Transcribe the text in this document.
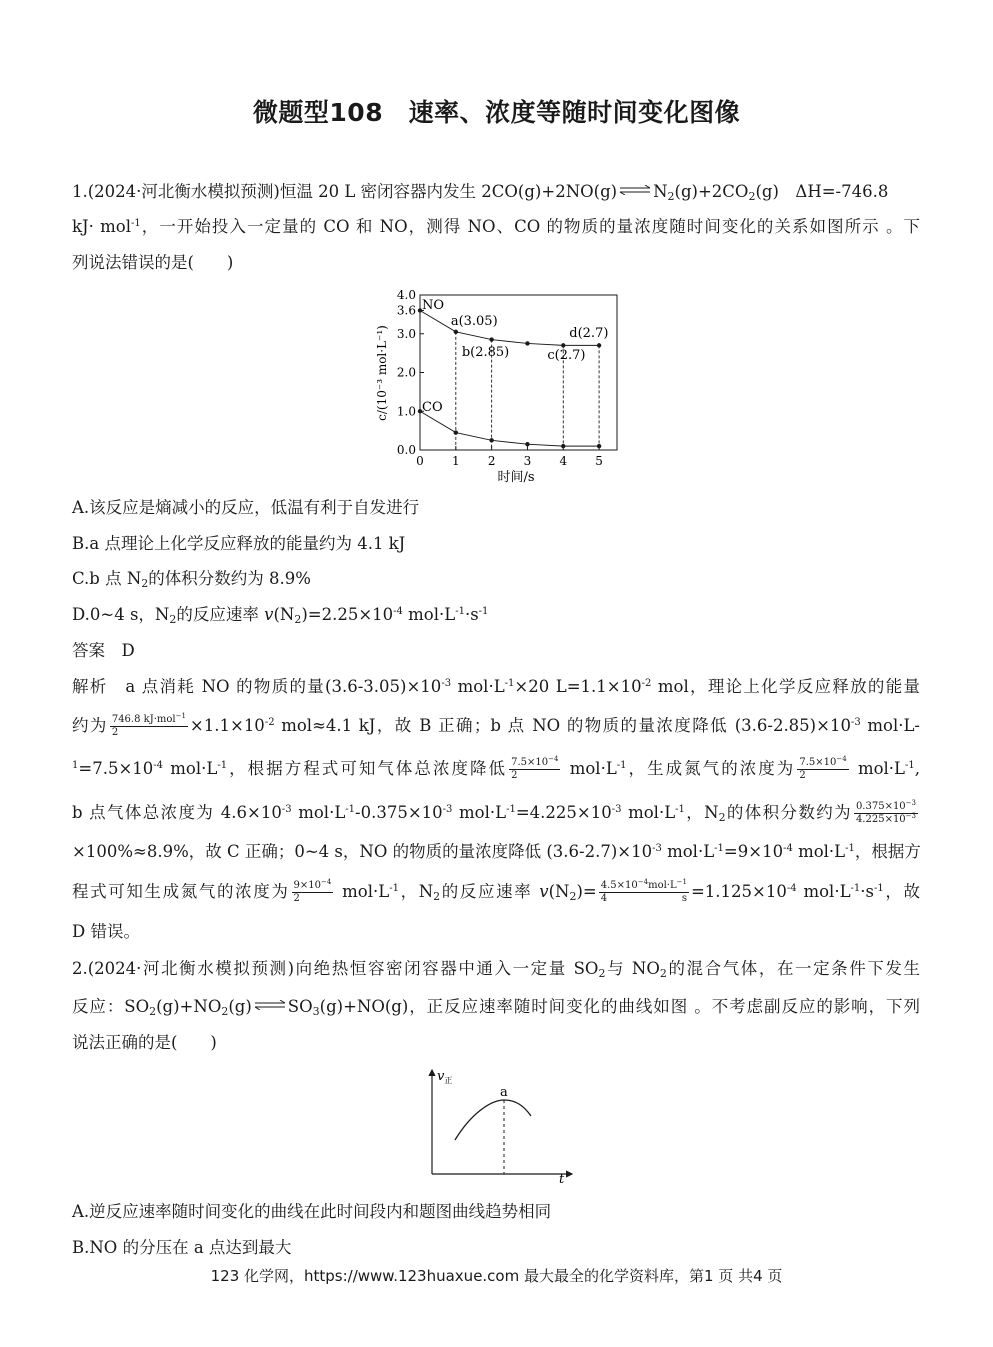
微题型108　速率、浓度等随时间变化图像
1.(2024·河北衡水模拟预测)恒温 20 L 密闭容器内发生 $2CO(g)+2NO(g)\rightleftharpoons N_2(g)+2CO_2(g)$　ΔH=-746.8
kJ· mol$^{-1}$，一开始投入一定量的 CO 和 NO，测得 NO、CO 的物质的量浓度随时间变化的关系如图所示 。下
列说法错误的是(　　)
4.0
3.6
3.0
2.0
1.0
0.0
0 1 2 3 4 5
NO
CO
a(3.05)
b(2.85)	c(2.7)
d(2.7)
c/(10⁻³ mol·L⁻¹)
时间/s
A.该反应是熵减小的反应，低温有利于自发进行
B.a 点理论上化学反应释放的能量约为 4.1 kJ
C.b 点 $N_2$的体积分数约为 8.9%
D.0~4 s，$N_2$的反应速率 $v(N_2)=2.25\times 10^{-4}$ $mol\cdot L^{-1}\cdot s^{-1}$
答案　D
解析　a 点消耗 NO 的物质的量$(3.6-3.05)\times 10^{-3}$ $mol\cdot L^{-1}\times 20$ $L=1.1\times 10^{-2}$ mol，理论上化学反应释放的能量
约为 $\frac{746.8 kJ\cdot mol^{-1}}{2} \times 1.1\times 10^{-2}$ mol≈4.1 kJ，故 B 正确；b 点 NO 的物质的量浓度降低 $(3.6-2.85)\times 10^{-3}$ mol·L-
$^1=7.5\times 10^{-4}$ $mol\cdot L^{-1}$，根据方程式可知气体总浓度降低 $\frac{7.5\times 10^{-4}}{2} mol\cdot L^{-1}$，生成氮气的浓度为 $\frac{7.5\times 10^{-4}}{2} mol\cdot L^{-1}$,
b 点气体总浓度为 $4.6\times 10^{-3}$ $mol\cdot L^{-1}-0.375\times 10^{-3}$ $mol\cdot L^{-1}=4.225\times 10^{-3}$ $mol\cdot L^{-1}$，$N_2$的体积分数约为 $\frac{0.375\times 10^{-3}}{4.225\times 10^{-3}}$
×100%≈8.9%，故 C 正确；0~4 s，NO 的物质的量浓度降低 $(3.6-2.7)\times 10^{-3}$ $mol\cdot L^{-1}=9\times 10^{-4}$ $mol\cdot L^{-1}$，根据方
程式可知生成氮气的浓度为 $\frac{9\times 10^{-4}}{2} mol\cdot L^{-1}$，$N_2$的反应速率 $v(N_2)= \frac{4.5\times 10^{-4}mol\cdot L^{-1}}{4 s} =1.125\times 10^{-4}$ $mol\cdot L^{-1}\cdot s^{-1}$，故
D 错误。
2.(2024·河北衡水模拟预测)向绝热恒容密闭容器中通入一定量 $SO_2$与 $NO_2$的混合气体，在一定条件下发生
反应：$SO_2(g)+NO_2(g)\rightleftharpoons SO_3(g)+NO(g)$，正反应速率随时间变化的曲线如图 。不考虑副反应的影响，下列
说法正确的是(　　)
$v_正$
t
a
A.逆反应速率随时间变化的曲线在此时间段内和题图曲线趋势相同
B.NO 的分压在 a 点达到最大
123 化学网，https://www.123huaxue.com 最大最全的化学资料库，第1 页 共4 页
